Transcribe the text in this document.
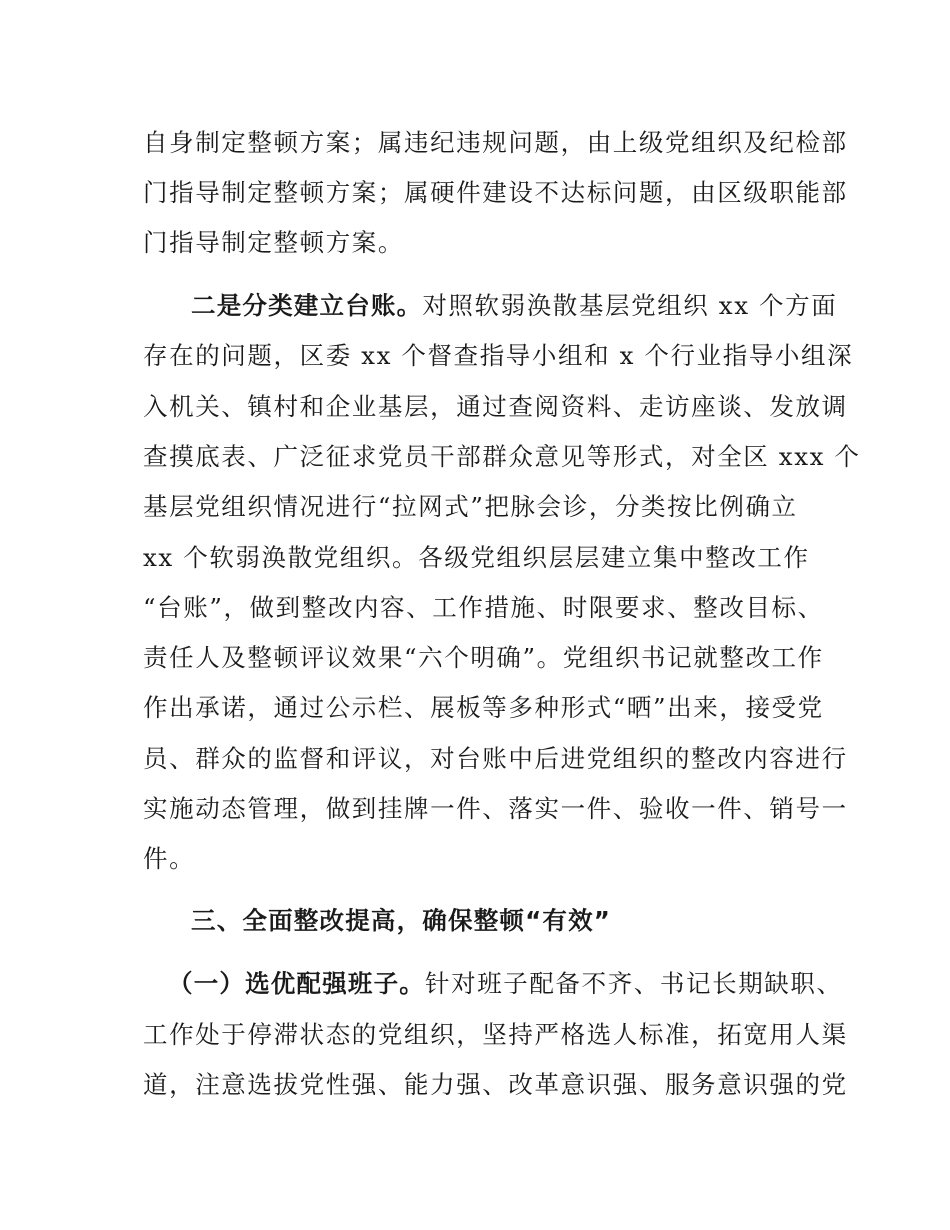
自身制定整顿方案；属违纪违规问题，由上级党组织及纪检部
门指导制定整顿方案；属硬件建设不达标问题，由区级职能部
门指导制定整顿方案。
二是分类建立台账。对照软弱涣散基层党组织 xx 个方面
存在的问题，区委 xx 个督查指导小组和 x 个行业指导小组深
入机关、镇村和企业基层，通过查阅资料、走访座谈、发放调
查摸底表、广泛征求党员干部群众意见等形式，对全区 xxx 个
基层党组织情况进行“拉网式”把脉会诊，分类按比例确立
xx 个软弱涣散党组织。各级党组织层层建立集中整改工作
“台账”，做到整改内容、工作措施、时限要求、整改目标、
责任人及整顿评议效果“六个明确”。党组织书记就整改工作
作出承诺，通过公示栏、展板等多种形式“晒”出来，接受党
员、群众的监督和评议，对台账中后进党组织的整改内容进行
实施动态管理，做到挂牌一件、落实一件、验收一件、销号一
件。
三、全面整改提高，确保整顿“有效”
（一）选优配强班子。针对班子配备不齐、书记长期缺职、
工作处于停滞状态的党组织，坚持严格选人标准，拓宽用人渠
道，注意选拔党性强、能力强、改革意识强、服务意识强的党
